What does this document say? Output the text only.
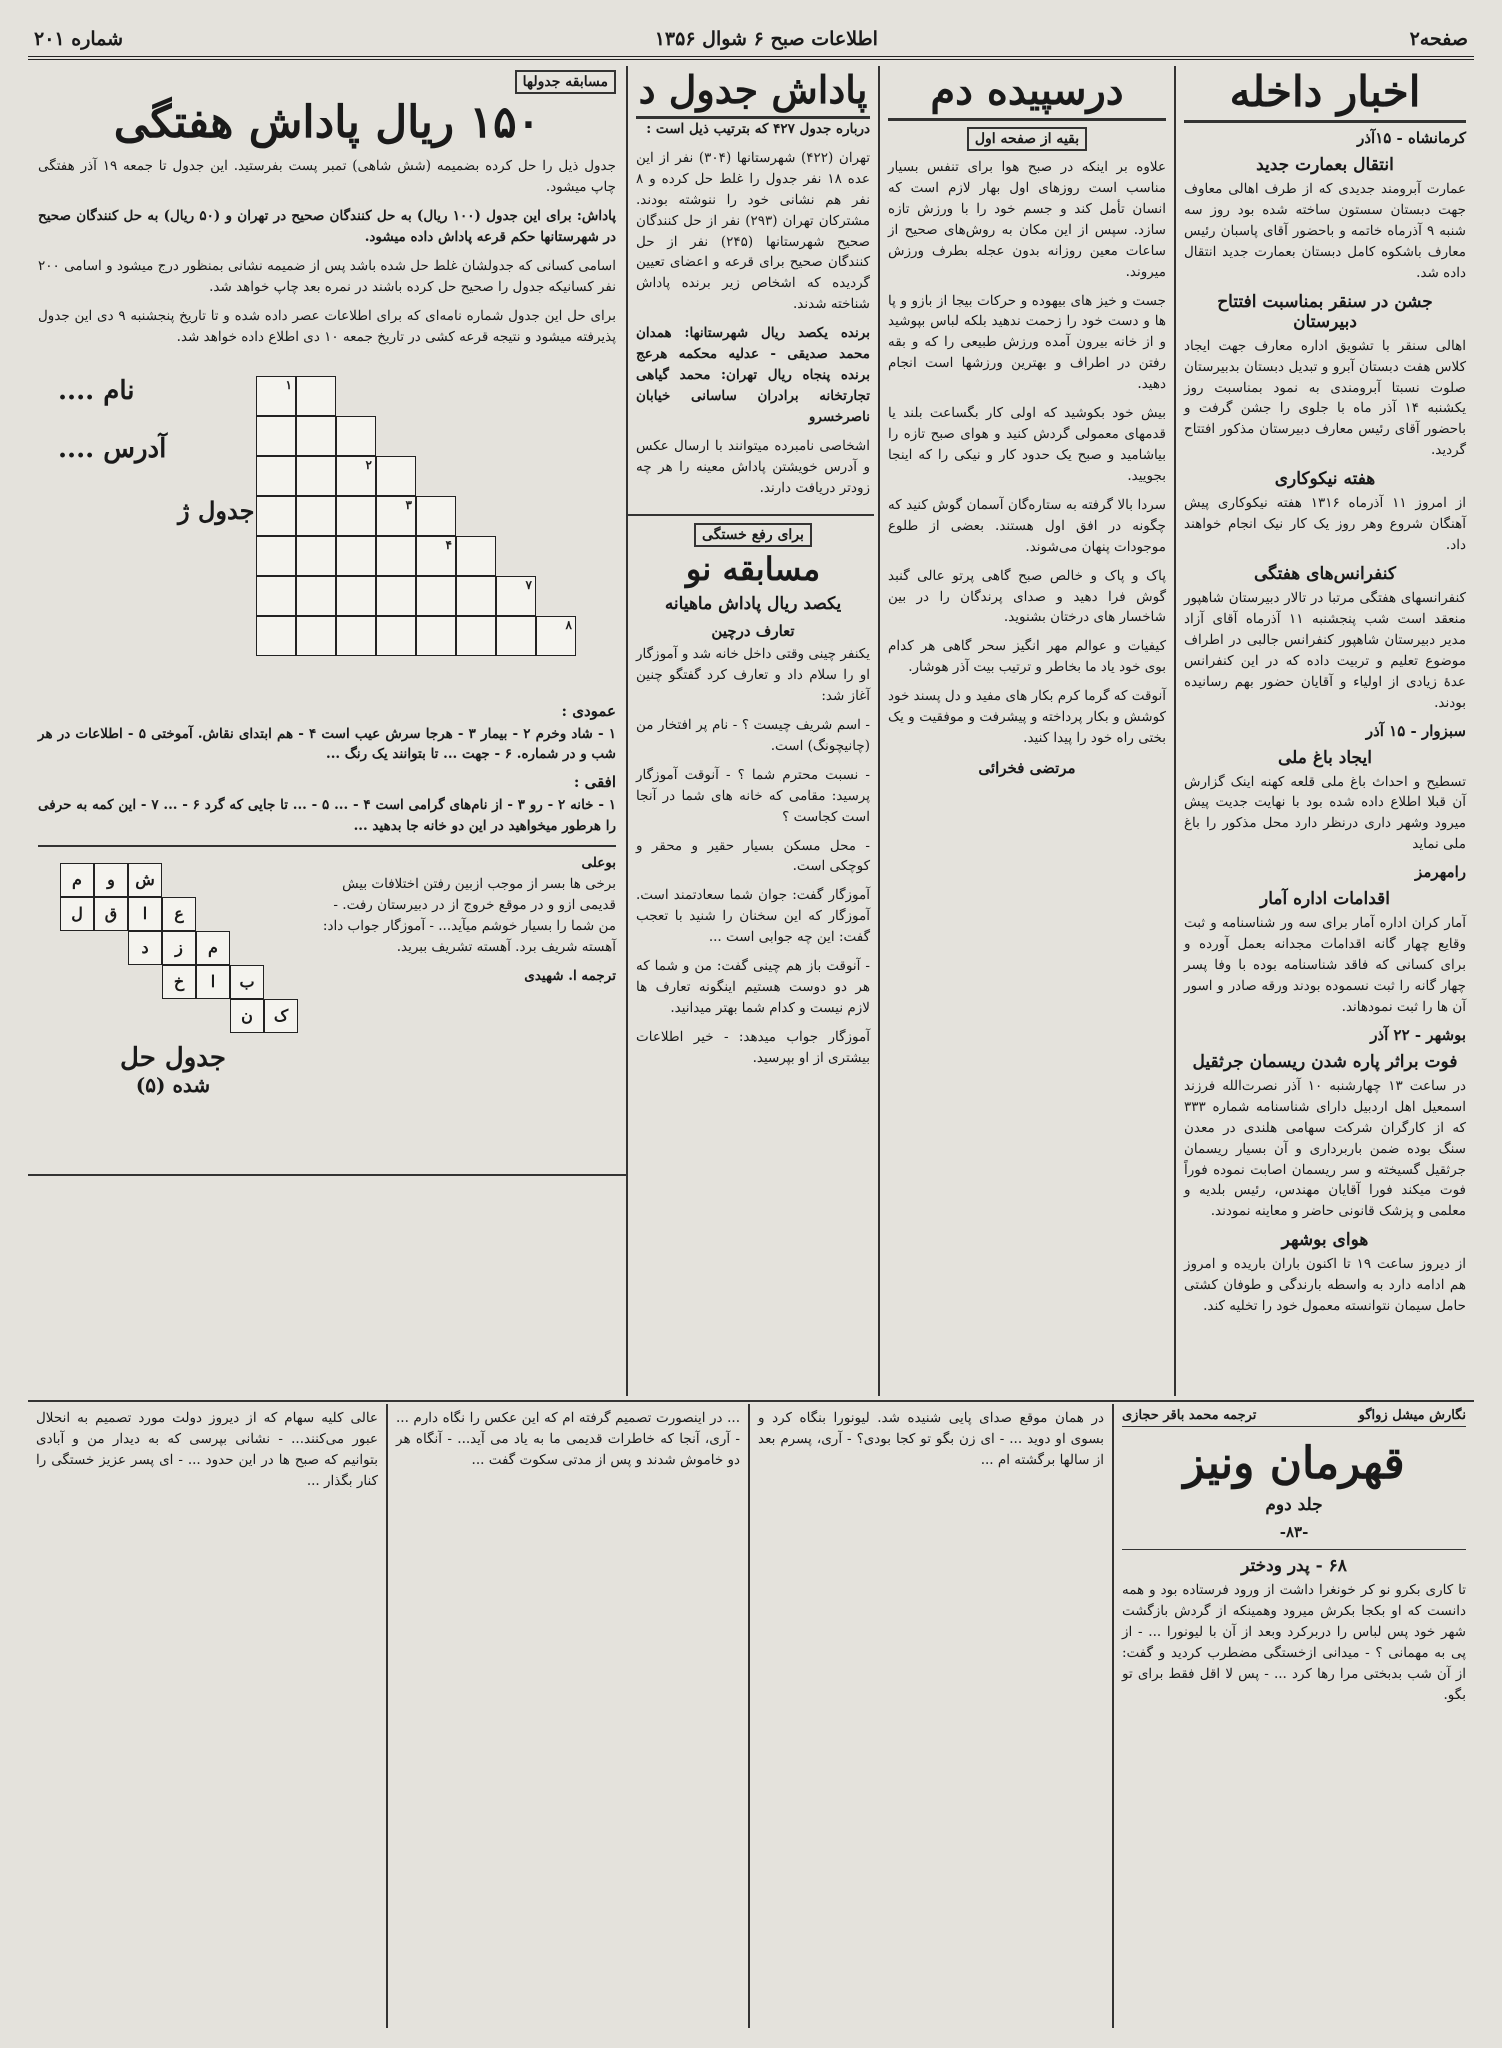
صفحه۲
اطلاعات صبح ۶ شوال ۱۳۵۶
شماره ۲۰۱
اخبار داخله
کرمانشاه - ۱۵آذر
انتقال بعمارت جدید

عمارت آبرومند جدیدی که از طرف اهالی معاوف جهت دبستان سستون ساخته شده بود روز سه شنبه ۹ آذرماه خاتمه و باحضور آقای پاسبان رئیس معارف باشکوه کامل دبستان بعمارت جدید انتقال داده شد.

جشن در سنقر بمناسبت افتتاح دبیرستان

اهالی سنقر با تشویق اداره معارف جهت ایجاد کلاس هفت دبستان آبرو و تبدیل دبستان بدبیرستان صلوت نسبتا آبرومندی به نمود بمناسبت روز یکشنبه ۱۴ آذر ماه با جلوی را جشن گرفت و باحضور آقای رئیس معارف دبیرستان مذکور افتتاح گردید.

هفته نیکوکاری

از امروز ۱۱ آذرماه ۱۳۱۶ هفته نیکوکاری پیش آهنگان شروع وهر روز یک کار نیک انجام خواهند داد.

کنفرانس‌های هفتگی

کنفرانسهای هفتگی مرتبا در تالار دبیرستان شاهپور منعقد است شب پنجشنبه ۱۱ آذرماه آقای آزاد مدیر دبیرستان شاهپور کنفرانس جالبی در اطراف موضوع تعلیم و تربیت داده که در این کنفرانس عدهٔ زیادی از اولیاء و آقایان حضور بهم رسانیده بودند.

سبزوار - ۱۵ آذر
ایجاد باغ ملی

تسطیح و احداث باغ ملی قلعه کهنه اینک گزارش آن قبلا اطلاع داده شده بود با نهایت جدیت پیش میرود وشهر داری درنظر دارد محل مذکور را باغ ملی نماید

رامهرمز
اقدامات اداره آمار

آمار کران اداره آمار برای سه ور شناسنامه و ثبت وقایع چهار گانه اقدامات مجدانه بعمل آورده و برای کسانی که فاقد شناسنامه بوده با وفا پسر چهار گانه را ثبت نسموده بودند ورقه صادر و اسور آن ها را ثبت نمودهاند.

بوشهر - ۲۲ آذر
فوت براثر پاره شدن ریسمان جرثقیل

در ساعت ۱۳ چهارشنبه ۱۰ آذر نصرت‌الله فرزند اسمعیل اهل اردبیل دارای شناسنامه شماره ۳۳۳ که از کارگران شرکت سهامی هلندی در معدن سنگ بوده ضمن باربرداری و آن بسیار ریسمان جرثقیل گسیخته و سر ریسمان اصابت نموده فوراً فوت میکند فورا آقایان مهندس، رئیس بلدیه و معلمی و پزشک قانونی حاضر و معاینه نمودند.

هوای بوشهر

از دیروز ساعت ۱۹ تا اکنون باران باریده و امروز هم ادامه دارد به واسطه بارندگی و طوفان کشتی حامل سیمان نتوانسته معمول خود را تخلیه کند.

درسپیده دم
بقیه از صفحه اول

علاوه بر اینکه در صبح هوا برای تنفس بسیار مناسب است روزهای اول بهار لازم است که انسان تأمل کند و جسم خود را با ورزش تازه سازد. سپس از این مکان به روش‌های صحیح از ساعات معین روزانه بدون عجله بطرف ورزش میروند.

جست و خیز های بیهوده و حرکات بیجا از بازو و پا ها و دست خود را زحمت ندهید بلکه لباس بپوشید و از خانه بیرون آمده ورزش طبیعی را که و بقه رفتن در اطراف و بهترین ورزشها است انجام دهید.

بیش خود بکوشید که اولی کار بگساعت بلند یا قدمهای معمولی گردش کنید و هوای صبح تازه را بیاشامید و صبح یک حدود کار و نیکی را که اینجا بجویید.

سردا بالا گرفته به ستاره‌گان آسمان گوش کنید که چگونه در افق اول هستند. بعضی از طلوع موجودات پنهان می‌شوند.

پاک و پاک و خالص صبح گاهی پرتو عالی گنبد گوش فرا دهید و صدای پرندگان را در بین شاخسار های درختان بشنوید.

کیفیات و عوالم مهر انگیز سحر گاهی هر کدام بوی خود یاد ما بخاطر و ترتیب بیت آذر هوشار.

آنوقت که گرما کرم بکار های مفید و دل پسند خود کوشش و بکار پرداخته و پیشرفت و موفقیت و یک بختی راه خود را پیدا کنید.

مرتضی فخرائی
پاداش جدول د

درباره جدول ۴۲۷ که بترتیب ذیل است :

تهران (۴۲۲) شهرستانها (۳۰۴) نفر از این عده ۱۸ نفر جدول را غلط حل کرده و ۸ نفر هم نشانی خود را ننوشته بودند. مشترکان تهران (۲۹۳) نفر از حل کنندگان صحیح شهرستانها (۲۴۵) نفر از حل کنندگان صحیح برای قرعه و اعضای تعیین گردیده که اشخاص زیر برنده پاداش شناخته شدند.

برنده یکصد ریال شهرستانها: همدان محمد صدیقی - عدلیه محکمه هرعج برنده پنجاه ریال تهران: محمد گیاهی تجارتخانه برادران ساسانی خیابان ناصرخسرو

اشخاصی نامبرده میتوانند با ارسال عکس و آدرس خویشتن پاداش معینه را هر چه زودتر دریافت دارند.

برای رفع خستگی
مسابقه نو
یکصد ریال پاداش ماهیانه
تعارف درچین

یکنفر چینی وقتی داخل خانه شد و آموزگار او را سلام داد و تعارف کرد گفتگو چنین آغاز شد:

- اسم شریف چیست ؟ - نام پر افتخار من (چانیچونگ) است.

- نسبت محترم شما ؟ - آنوقت آموزگار پرسید: مقامی که خانه های شما در آنجا است کجاست ؟

- محل مسکن بسیار حقیر و محقر و کوچکی است.

آموزگار گفت: جوان شما سعادتمند است. آموزگار که این سخنان را شنید با تعجب گفت: این چه جوابی است ...

- آنوقت باز هم چینی گفت: من و شما که هر دو دوست هستیم اینگونه تعارف ها لازم نیست و کدام شما بهتر میدانید.

آموزگار جواب میدهد: - خیر اطلاعات بیشتری از او بپرسید.

مسابقه جدولها
۱۵۰ ریال پاداش هفتگی

جدول ذیل را حل کرده بضمیمه (شش شاهی) تمبر پست بفرستید. این جدول تا جمعه ۱۹ آذر هفتگی چاپ میشود.

پاداش: برای این جدول (۱۰۰ ریال) به حل کنندگان صحیح در تهران و (۵۰ ریال) به حل کنندگان صحیح در شهرستانها حکم قرعه پاداش داده میشود.

اسامی کسانی که جدولشان غلط حل شده باشد پس از ضمیمه نشانی بمنظور درج میشود و اسامی ۲۰۰ نفر کسانیکه جدول را صحیح حل کرده باشند در نمره بعد چاپ خواهد شد.

برای حل این جدول شماره نامه‌ای که برای اطلاعات عصر داده شده و تا تاریخ پنجشنبه ۹ دی این جدول پذیرفته میشود و نتیجه قرعه کشی در تاریخ جمعه ۱۰ دی اطلاع داده خواهد شد.

نام ....
آدرس ....
جدول ژ
۱
۲
۳
۴
۷
۸
عمودی :

۱ - شاد وخرم ۲ - بیمار ۳ - هرجا سرش عیب است ۴ - هم ابتدای نقاش. آموختی ۵ - اطلاعات در هر شب و در شماره. ۶ - جهت ... تا بتوانند یک رنگ ...

افقی :

۱ - خانه ۲ - رو ۳ - از نام‌های گرامی است ۴ - ... ۵ - ... تا جایی که گرد ۶ - ... ۷ - این کمه به حرفی را هرطور میخواهید در این دو خانه جا بدهید ...

بوعلی
برخی ها بسر از موجب ازبین رفتن اختلافات بیش قدیمی ازو و در موقع خروج از در دبیرستان رفت. - من شما را بسیار خوشم میآید... - آموزگار جواب داد: آهسته شریف برد. آهسته تشریف ببرید.
ترجمه ا. شهیدی
ش
و
م
ع
ا
ق
ل
م
ز
د
ب
ا
خ
ک
ن
جدول حل
شده (۵)
نگارش میشل زواگو
ترجمه محمد باقر حجازی
قهرمان ونیز
جلد دوم
-۸۳-
۶۸ - پدر ودختر

تا کاری بکرو نو کر خونغرا داشت از ورود فرستاده بود و همه دانست که او بکجا بکرش میرود وهمینکه از گردش بازگشت شهر خود پس لباس را دربرکرد وبعد از آن با لیونورا ... - از پی به مهمانی ؟ - میدانی ازخستگی مضطرب کردید و گفت: از آن شب بدبختی مرا رها کرد ... - پس لا اقل فقط برای تو بگو.

در همان موقع صدای پایی شنیده شد. لیونورا بنگاه کرد و بسوی او دوید ... - ای زن بگو تو کجا بودی؟ - آری، پسرم بعد از سالها برگشته ام ...

... در اینصورت تصمیم گرفته ام که این عکس را نگاه دارم ... - آری، آنجا که خاطرات قدیمی ما به یاد می آید... - آنگاه هر دو خاموش شدند و پس از مدتی سکوت گفت ...

عالی کلیه سهام که از دیروز دولت مورد تصمیم به انحلال عبور می‌کنند... - نشانی بپرسی که به دیدار من و آبادی بتوانیم که صبح ها در این حدود ... - ای پسر عزیز خستگی را کنار بگذار ...
